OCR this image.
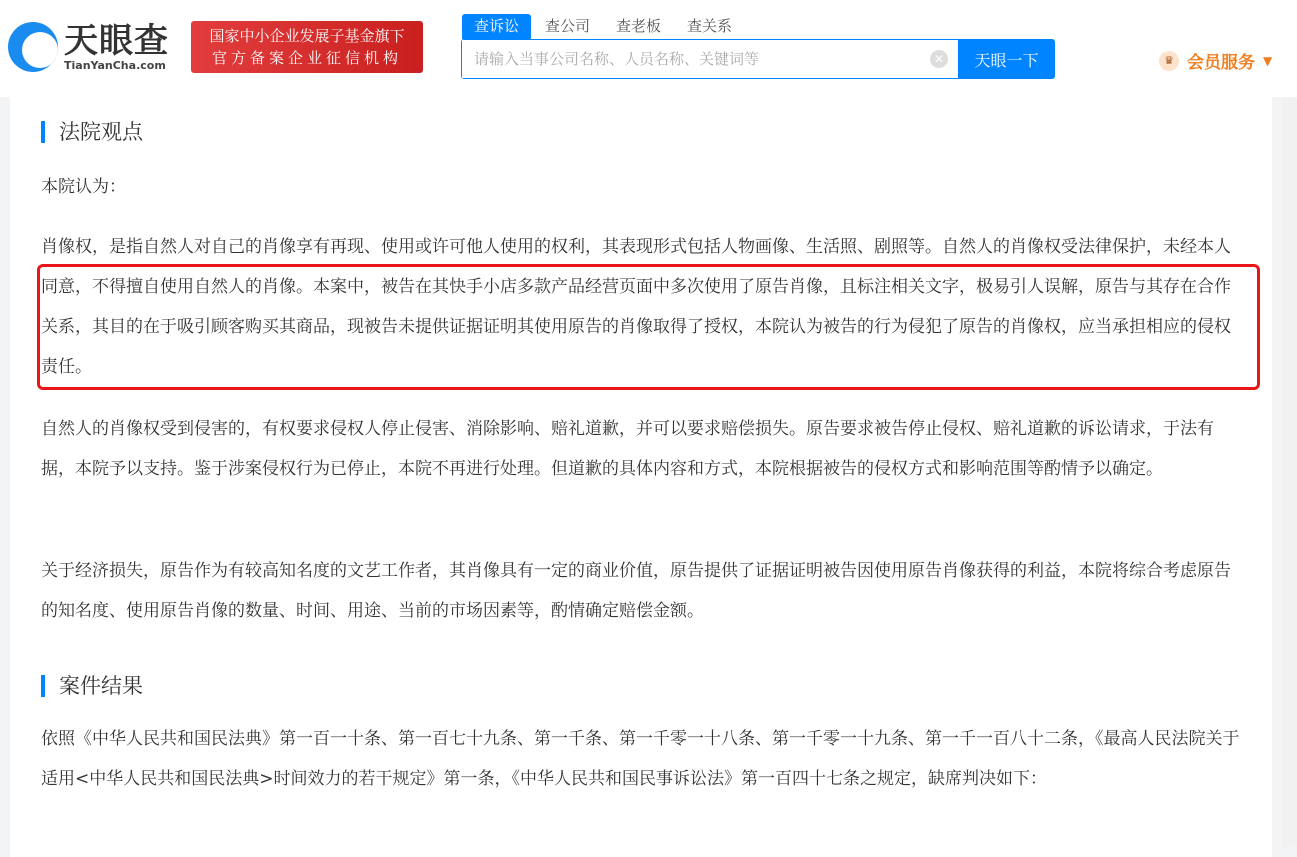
天眼查
TianYanCha.com
国家中小企业发展子基金旗下
官方备案企业征信机构
查诉讼	查公司	查老板	查关系
请输入当事公司名称、人员名称、关键词等
✕	天眼一下	♛ 会员服务 ▼
法院观点
本院认为：
肖像权，是指自然人对自己的肖像享有再现、使用或许可他人使用的权利，其表现形式包括人物画像、生活照、剧照等。自然人的肖像权受法律保护，未经本人同意，不得擅自使用自然人的肖像。本案中，被告在其快手小店多款产品经营页面中多次使用了原告肖像，且标注相关文字，极易引人误解，原告与其存在合作关系，其目的在于吸引顾客购买其商品，现被告未提供证据证明其使用原告的肖像取得了授权，本院认为被告的行为侵犯了原告的肖像权，应当承担相应的侵权责任。
自然人的肖像权受到侵害的，有权要求侵权人停止侵害、消除影响、赔礼道歉，并可以要求赔偿损失。原告要求被告停止侵权、赔礼道歉的诉讼请求，于法有据，本院予以支持。鉴于涉案侵权行为已停止，本院不再进行处理。但道歉的具体内容和方式，本院根据被告的侵权方式和影响范围等酌情予以确定。
关于经济损失，原告作为有较高知名度的文艺工作者，其肖像具有一定的商业价值，原告提供了证据证明被告因使用原告肖像获得的利益，本院将综合考虑原告的知名度、使用原告肖像的数量、时间、用途、当前的市场因素等，酌情确定赔偿金额。
案件结果
依照《中华人民共和国民法典》第一百一十条、第一百七十九条、第一千条、第一千零一十八条、第一千零一十九条、第一千一百八十二条，《最高人民法院关于适用<中华人民共和国民法典>时间效力的若干规定》第一条，《中华人民共和国民事诉讼法》第一百四十七条之规定，缺席判决如下：
